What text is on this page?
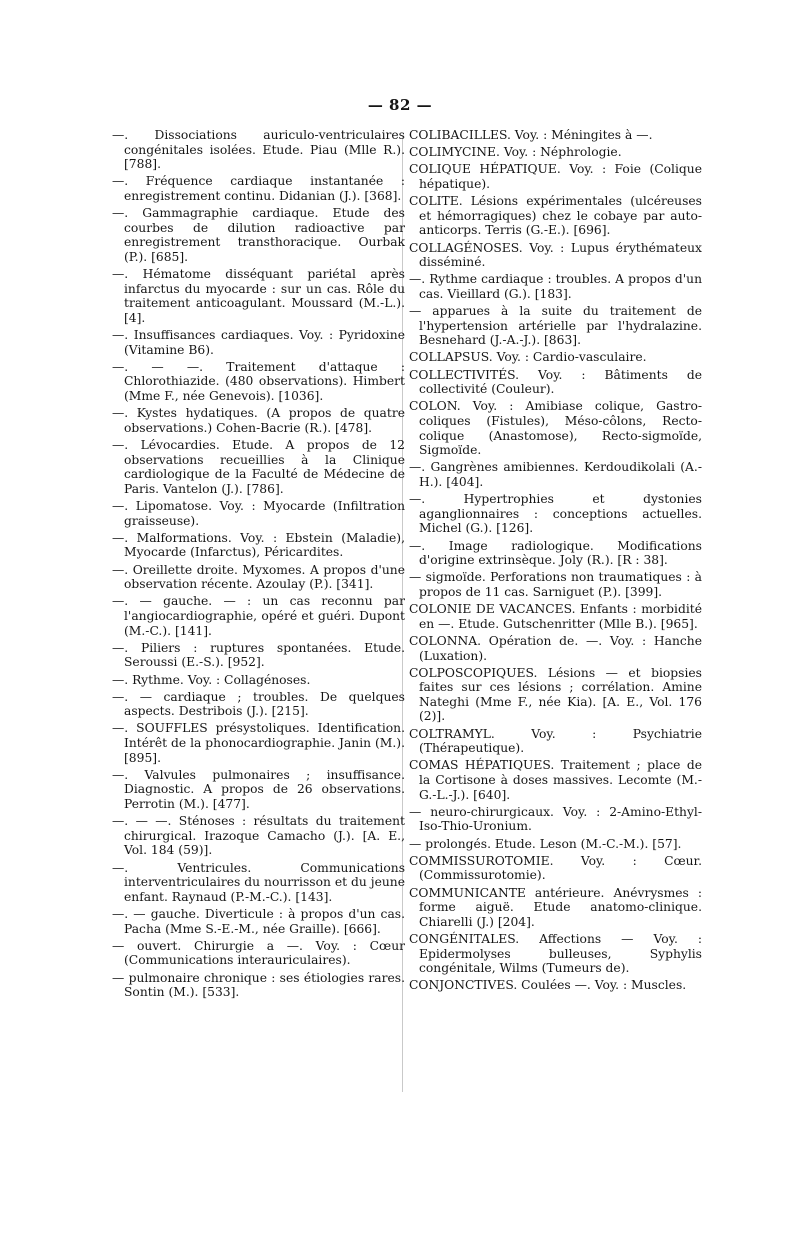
— 82 —

—. Dissociations auriculo-ventriculaires congénitales isolées. Etude. Piau (Mlle R.). [788].

—. Fréquence cardiaque instantanée : enregistrement continu. Didanian (J.). [368].

—. Gammagraphie cardiaque. Etude des courbes de dilution radioactive par enregistrement transthoracique. Ourbak (P.). [685].

—. Hématome disséquant pariétal après infarctus du myocarde : sur un cas. Rôle du traitement anticoagulant. Moussard (M.-L.). [4].

—. Insuffisances cardiaques. Voy. : Pyridoxine (Vitamine B6).

—. — —. Traitement d'attaque : Chlorothiazide. (480 observations). Himbert (Mme F., née Genevois). [1036].

—. Kystes hydatiques. (A propos de quatre observations.) Cohen-Bacrie (R.). [478].

—. Lévocardies. Etude. A propos de 12 observations recueillies à la Clinique cardiologique de la Faculté de Médecine de Paris. Vantelon (J.). [786].

—. Lipomatose. Voy. : Myocarde (Infiltration graisseuse).

—. Malformations. Voy. : Ebstein (Maladie), Myocarde (Infarctus), Péricardites.

—. Oreillette droite. Myxomes. A propos d'une observation récente. Azoulay (P.). [341].

—. — gauche. — : un cas reconnu par l'angiocardiographie, opéré et guéri. Dupont (M.-C.). [141].

—. Piliers : ruptures spontanées. Etude. Seroussi (E.-S.). [952].

—. Rythme. Voy. : Collagénoses.

—. — cardiaque ; troubles. De quelques aspects. Destribois (J.). [215].

—. SOUFFLES présystoliques. Identification. Intérêt de la phonocardiographie. Janin (M.). [895].

—. Valvules pulmonaires ; insuffisance. Diagnostic. A propos de 26 observations. Perrotin (M.). [477].

—. — —. Sténoses : résultats du traitement chirurgical. Irazoque Camacho (J.). [A. E., Vol. 184 (59)].

—. Ventricules. Communications interventriculaires du nourrisson et du jeune enfant. Raynaud (P.-M.-C.). [143].

—. — gauche. Diverticule : à propos d'un cas. Pacha (Mme S.-E.-M., née Graille). [666].

— ouvert. Chirurgie a —. Voy. : Cœur (Communications interauriculaires).

— pulmonaire chronique : ses étiologies rares. Sontin (M.). [533].

COLIBACILLES. Voy. : Méningites à —.

COLIMYCINE. Voy. : Néphrologie.

COLIQUE HÉPATIQUE. Voy. : Foie (Colique hépatique).

COLITE. Lésions expérimentales (ulcéreuses et hémorragiques) chez le cobaye par auto-anticorps. Terris (G.-E.). [696].

COLLAGÉNOSES. Voy. : Lupus érythémateux disséminé.

—. Rythme cardiaque : troubles. A propos d'un cas. Vieillard (G.). [183].

— apparues à la suite du traitement de l'hypertension artérielle par l'hydralazine. Besnehard (J.-A.-J.). [863].

COLLAPSUS. Voy. : Cardio-vasculaire.

COLLECTIVITÉS. Voy. : Bâtiments de collectivité (Couleur).

COLON. Voy. : Amibiase colique, Gastro-coliques (Fistules), Méso-côlons, Recto-colique (Anastomose), Recto-sigmoïde, Sigmoïde.

—. Gangrènes amibiennes. Kerdoudikolali (A.-H.). [404].

—. Hypertrophies et dystonies aganglionnaires : conceptions actuelles. Michel (G.). [126].

—. Image radiologique. Modifications d'origine extrinsèque. Joly (R.). [R : 38].

— sigmoïde. Perforations non traumatiques : à propos de 11 cas. Sarniguet (P.). [399].

COLONIE DE VACANCES. Enfants : morbidité en —. Etude. Gutschenritter (Mlle B.). [965].

COLONNA. Opération de. —. Voy. : Hanche (Luxation).

COLPOSCOPIQUES. Lésions — et biopsies faites sur ces lésions ; corrélation. Amine Nateghi (Mme F., née Kia). [A. E., Vol. 176 (2)].

COLTRAMYL. Voy. : Psychiatrie (Thérapeutique).

COMAS HÉPATIQUES. Traitement ; place de la Cortisone à doses massives. Lecomte (M.-G.-L.-J.). [640].

— neuro-chirurgicaux. Voy. : 2-Amino-Ethyl-Iso-Thio-Uronium.

— prolongés. Etude. Leson (M.-C.-M.). [57].

COMMISSUROTOMIE. Voy. : Cœur. (Commissurotomie).

COMMUNICANTE antérieure. Anévrysmes : forme aiguë. Etude anatomo-clinique. Chiarelli (J.) [204].

CONGÉNITALES. Affections — Voy. : Epidermolyses bulleuses, Syphylis congénitale, Wilms (Tumeurs de).

CONJONCTIVES. Coulées —. Voy. : Muscles.
